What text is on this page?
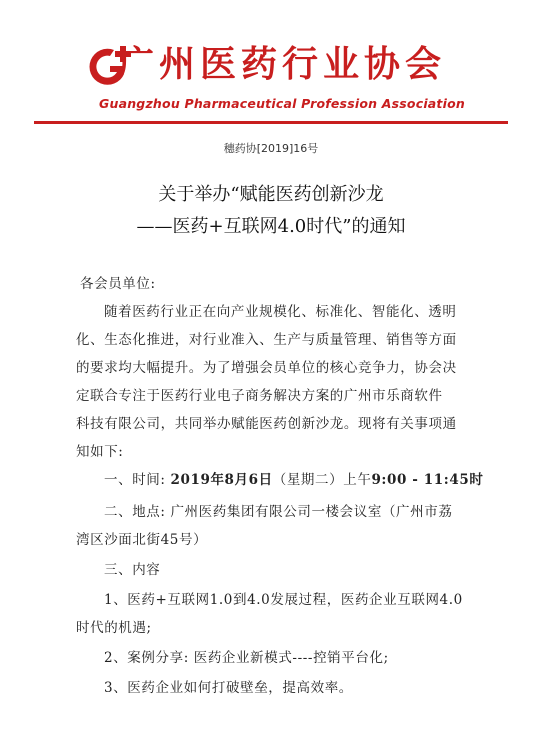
广州医药行业协会
Guangzhou Pharmaceutical Profession Association
穗药协[2019]16号
关于举办“赋能医药创新沙龙
——医药+互联网4.0时代”的通知
各会员单位:
随着医药行业正在向产业规模化、标准化、智能化、透明
化、生态化推进，对行业准入、生产与质量管理、销售等方面
的要求均大幅提升。为了增强会员单位的核心竞争力，协会决
定联合专注于医药行业电子商务解决方案的广州市乐商软件
科技有限公司，共同举办赋能医药创新沙龙。现将有关事项通
知如下:
一、时间: 2019年8月6日（星期二）上午9:00 - 11:45时
二、地点: 广州医药集团有限公司一楼会议室（广州市荔
湾区沙面北街45号）
三、内容
1、医药+互联网1.0到4.0发展过程，医药企业互联网4.0
时代的机遇;
2、案例分享: 医药企业新模式----控销平台化;
3、医药企业如何打破壁垒，提高效率。
